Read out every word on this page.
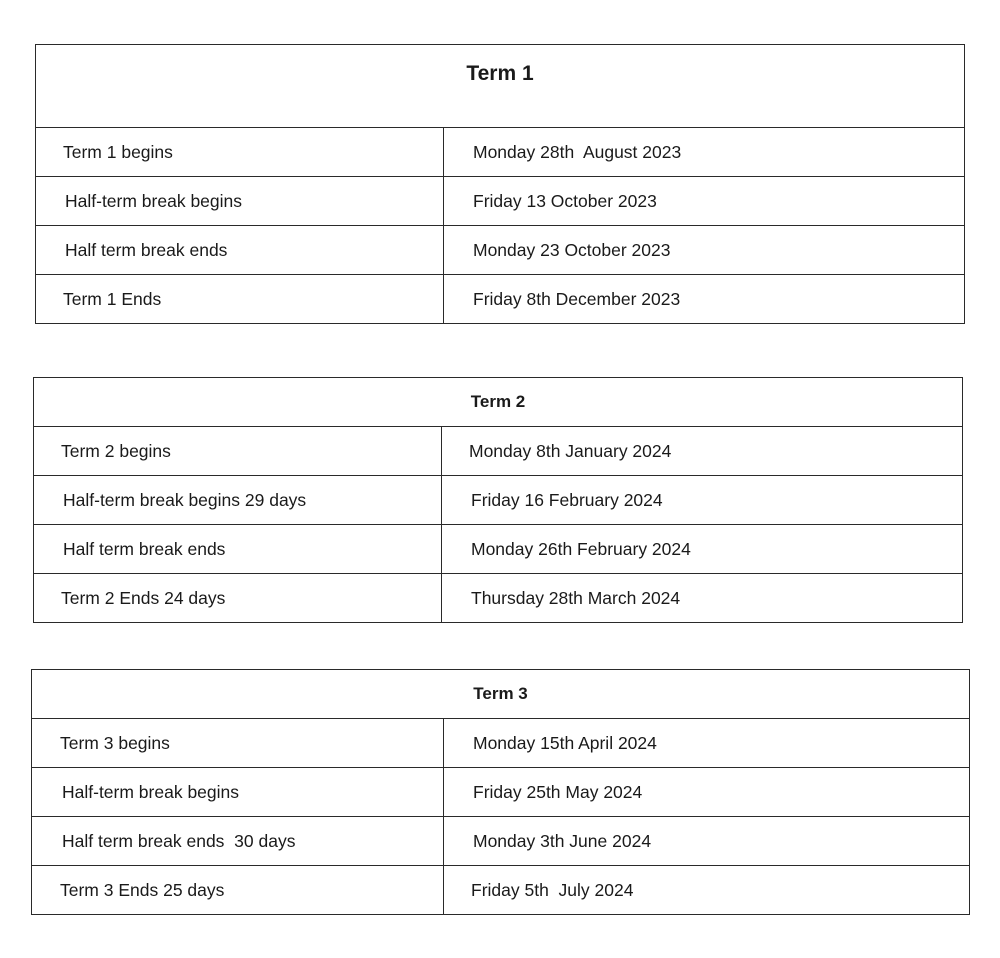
Term 1	
Term 1 begins	Monday 28th  August 2023
Half-term break begins	Friday 13 October 2023
Half term break ends	Monday 23 October 2023
Term 1 Ends	Friday 8th December 2023
Term 2	
Term 2 begins	Monday 8th January 2024
Half-term break begins 29 days	Friday 16 February 2024
Half term break ends	Monday 26th February 2024
Term 2 Ends 24 days	Thursday 28th March 2024
Term 3	
Term 3 begins	Monday 15th April 2024
Half-term break begins	Friday 25th May 2024
Half term break ends  30 days	Monday 3th June 2024
Term 3 Ends 25 days	Friday 5th  July 2024
